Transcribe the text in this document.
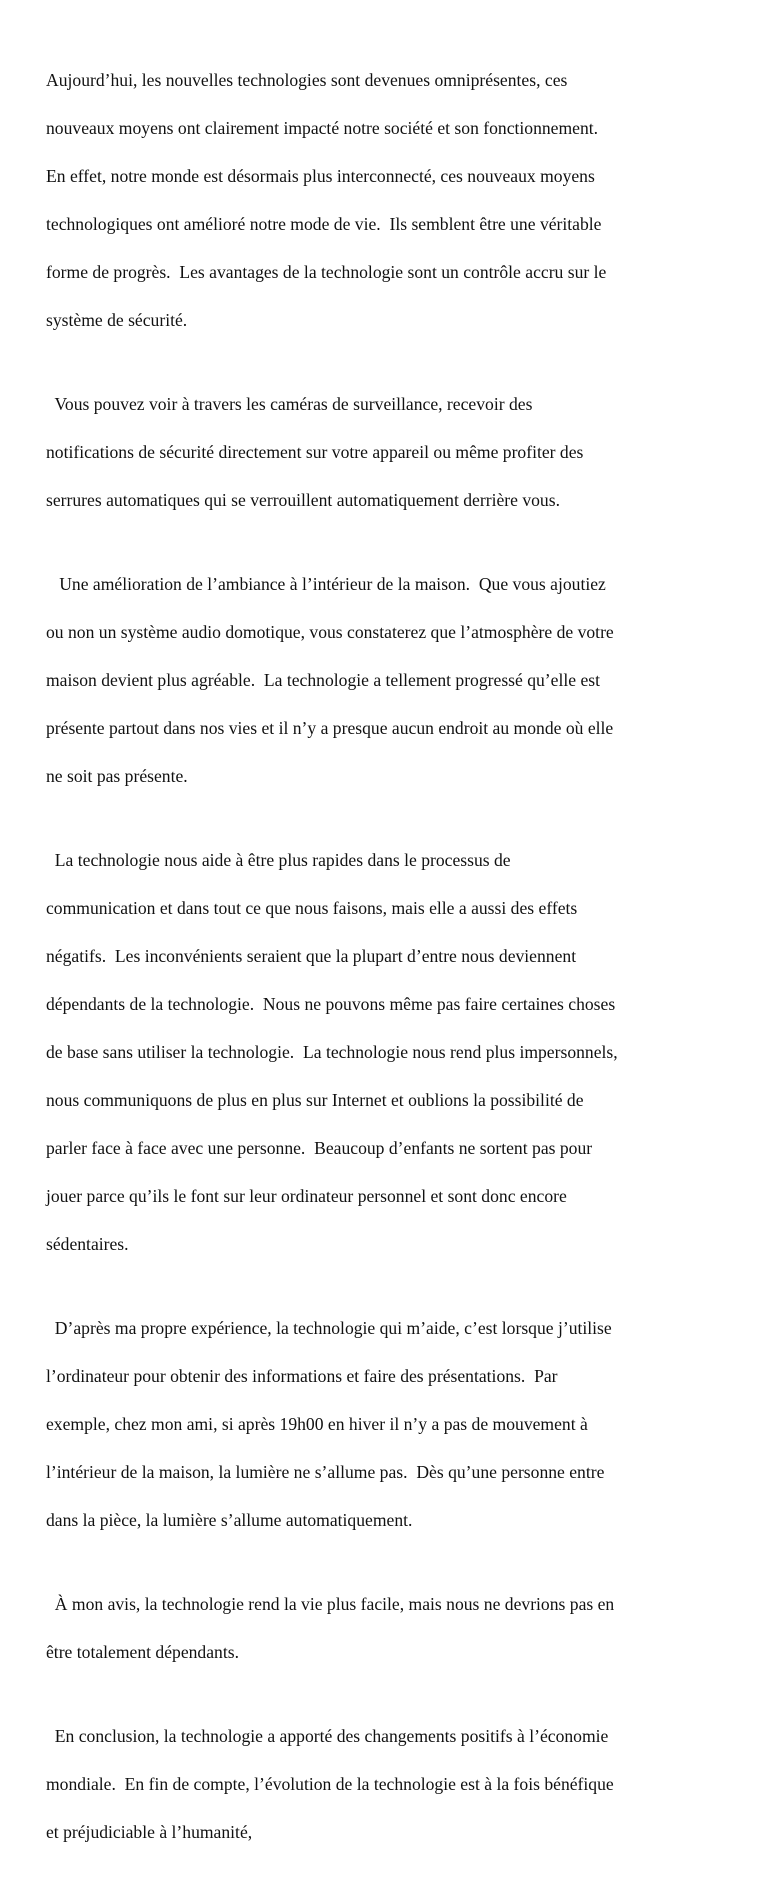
Aujourd’hui, les nouvelles technologies sont devenues omniprésentes, ces

nouveaux moyens ont clairement impacté notre société et son fonctionnement.

En effet, notre monde est désormais plus interconnecté, ces nouveaux moyens

technologiques ont amélioré notre mode de vie.  Ils semblent être une véritable

forme de progrès.  Les avantages de la technologie sont un contrôle accru sur le

système de sécurité.

Vous pouvez voir à travers les caméras de surveillance, recevoir des

notifications de sécurité directement sur votre appareil ou même profiter des

serrures automatiques qui se verrouillent automatiquement derrière vous.

Une amélioration de l’ambiance à l’intérieur de la maison.  Que vous ajoutiez

ou non un système audio domotique, vous constaterez que l’atmosphère de votre

maison devient plus agréable.  La technologie a tellement progressé qu’elle est

présente partout dans nos vies et il n’y a presque aucun endroit au monde où elle

ne soit pas présente.

La technologie nous aide à être plus rapides dans le processus de

communication et dans tout ce que nous faisons, mais elle a aussi des effets

négatifs.  Les inconvénients seraient que la plupart d’entre nous deviennent

dépendants de la technologie.  Nous ne pouvons même pas faire certaines choses

de base sans utiliser la technologie.  La technologie nous rend plus impersonnels,

nous communiquons de plus en plus sur Internet et oublions la possibilité de

parler face à face avec une personne.  Beaucoup d’enfants ne sortent pas pour

jouer parce qu’ils le font sur leur ordinateur personnel et sont donc encore

sédentaires.

D’après ma propre expérience, la technologie qui m’aide, c’est lorsque j’utilise

l’ordinateur pour obtenir des informations et faire des présentations.  Par

exemple, chez mon ami, si après 19h00 en hiver il n’y a pas de mouvement à

l’intérieur de la maison, la lumière ne s’allume pas.  Dès qu’une personne entre

dans la pièce, la lumière s’allume automatiquement.

À mon avis, la technologie rend la vie plus facile, mais nous ne devrions pas en

être totalement dépendants.

En conclusion, la technologie a apporté des changements positifs à l’économie

mondiale.  En fin de compte, l’évolution de la technologie est à la fois bénéfique

et préjudiciable à l’humanité,
